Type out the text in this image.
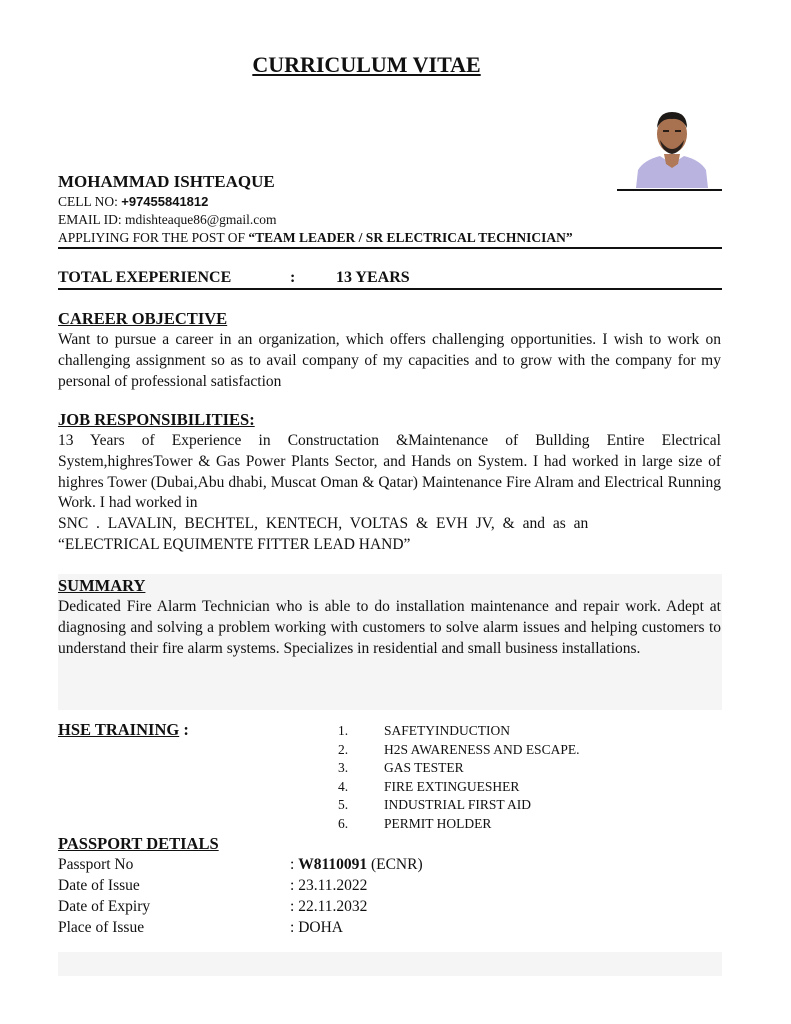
CURRICULUM VITAE
MOHAMMAD ISHTEAQUE
CELL NO: +97455841812
EMAIL ID: mdishteaque86@gmail.com
APPLIYING FOR THE POST OF “TEAM LEADER / SR ELECTRICAL TECHNICIAN”
TOTAL EXEPERIENCE	:	13 YEARS
CAREER OBJECTIVE
Want to pursue a career in an organization, which offers challenging opportunities. I wish to work on challenging assignment so as to avail company of my capacities and to grow with the company for my personal of professional satisfaction
JOB RESPONSIBILITIES:
13 Years of Experience in Constructation &Maintenance of Bullding Entire Electrical System,highresTower & Gas Power Plants Sector, and Hands on System. I had worked in large size of highres Tower (Dubai,Abu dhabi, Muscat Oman & Qatar) Maintenance Fire Alram and Electrical Running Work. I had worked in
SNC . LAVALIN, BECHTEL, KENTECH, VOLTAS & EVH JV, & and as an
“ELECTRICAL EQUIMENTE FITTER LEAD HAND”
SUMMARY
Dedicated Fire Alarm Technician who is able to do installation maintenance and repair work. Adept at diagnosing and solving a problem working with customers to solve alarm issues and helping customers to understand their fire alarm systems. Specializes in residential and small business installations.
HSE TRAINING :	1.	SAFETYINDUCTION
2.	H2S AWARENESS AND ESCAPE.
3.	GAS TESTER
4.	FIRE EXTINGUESHER
5.	INDUSTRIAL FIRST AID
6.	PERMIT HOLDER
PASSPORT DETIALS
Passport No	: W8110091 (ECNR)
Date of Issue	: 23.11.2022
Date of Expiry	: 22.11.2032
Place of Issue	: DOHA
